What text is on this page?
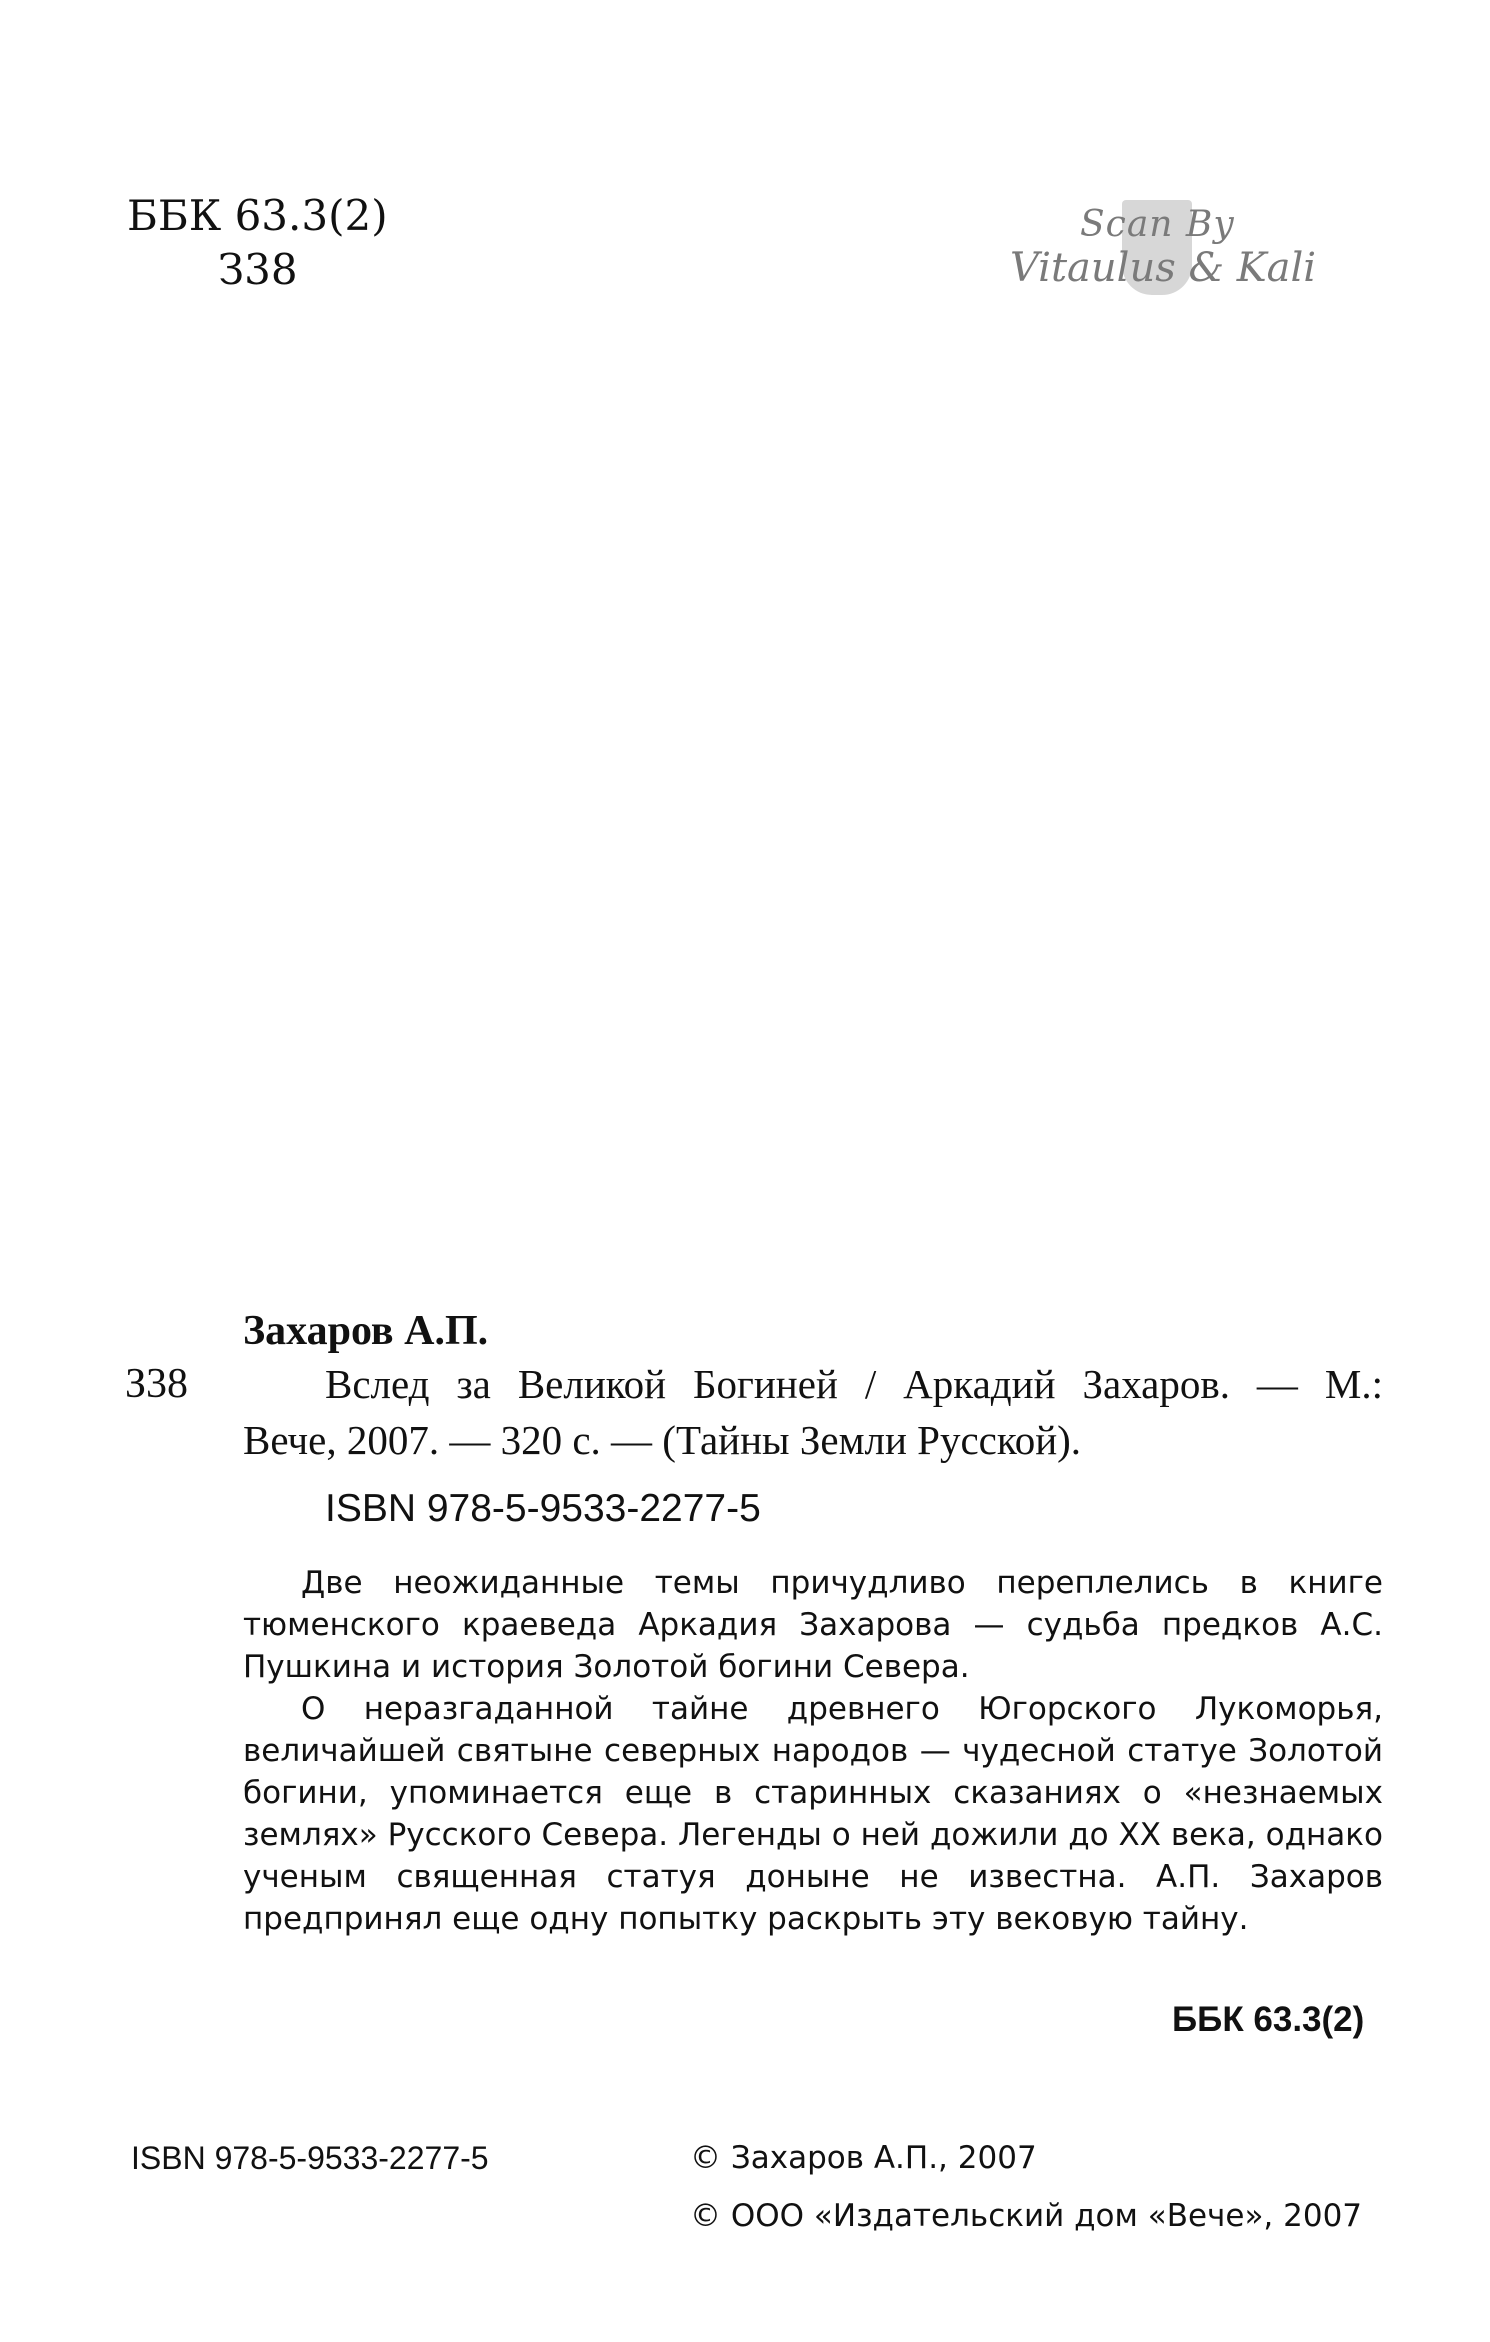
ББК 63.3(2)
З38
Scan By
Vitaulus & Kali
Захаров А.П.
З38	Вслед за Великой Богиней / Аркадий Захаров. — М.:
Вече, 2007. — 320 с. — (Тайны Земли Русской).
ISBN 978-5-9533-2277-5

Две неожиданные темы причудливо переплелись в книге тюменского краеведа Аркадия Захарова — судьба предков А.С. Пушкина и история Золотой богини Севера.

О неразгаданной тайне древнего Югорского Лукоморья, величайшей святыне северных народов — чудесной статуе Золотой богини, упоминается еще в старинных сказаниях о «незнаемых землях» Русского Севера. Легенды о ней дожили до XX века, однако ученым священная статуя доныне не известна. А.П. Захаров предпринял еще одну попытку раскрыть эту вековую тайну.

ББК 63.3(2)
ISBN 978-5-9533-2277-5	© Захаров А.П., 2007
© ООО «Издательский дом «Вече», 2007
